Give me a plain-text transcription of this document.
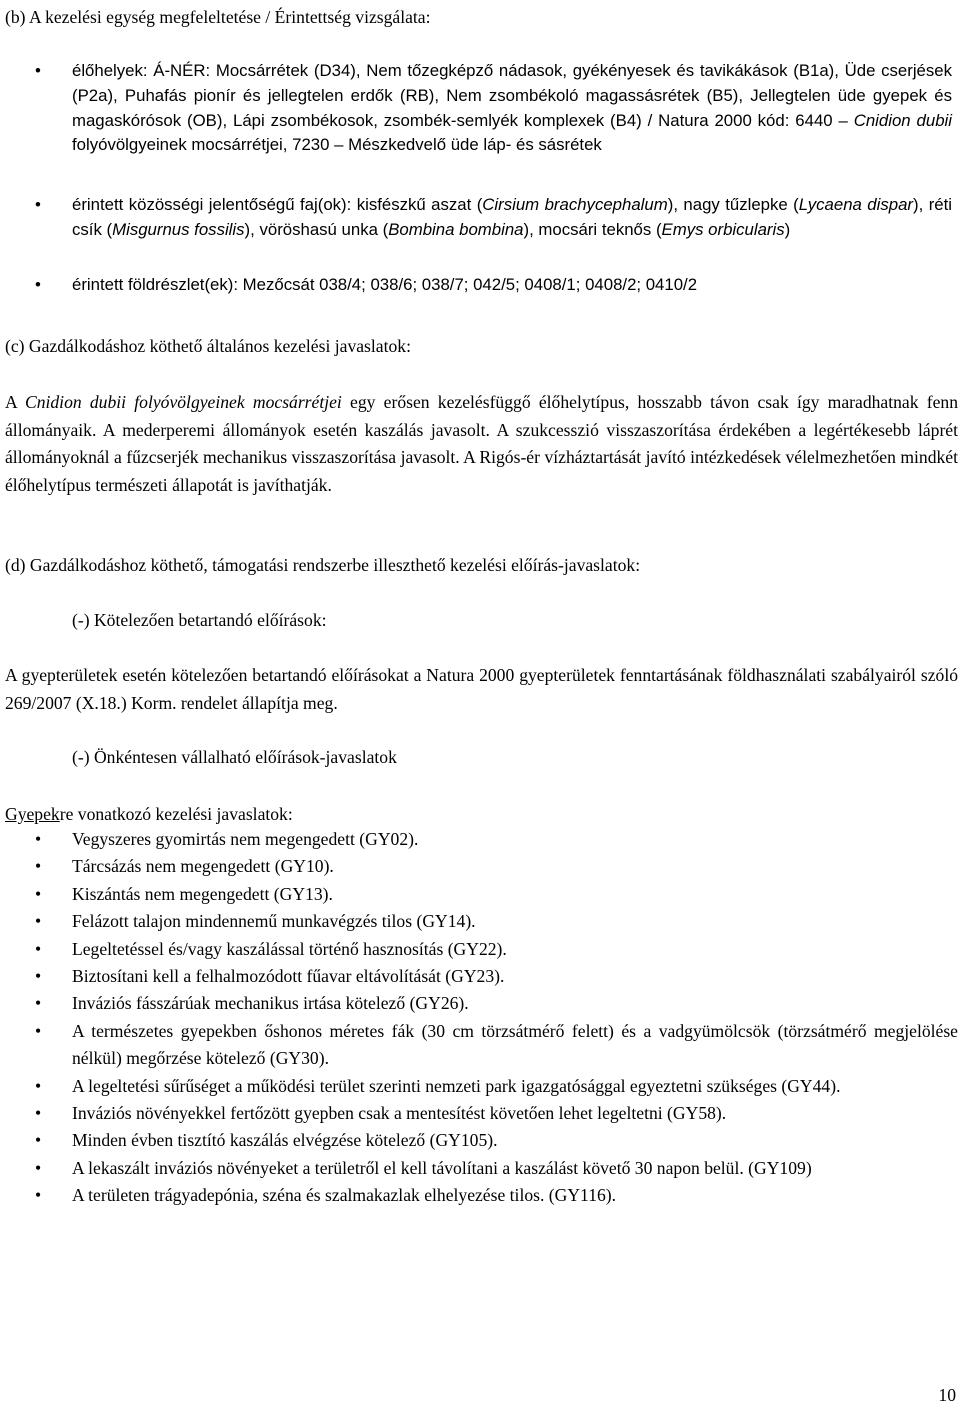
(b) A kezelési egység megfeleltetése / Érintettség vizsgálata:
• élőhelyek: Á-NÉR: Mocsárrétek (D34), Nem tőzegképző nádasok, gyékényesek és tavikákások (B1a), Üde cserjések (P2a), Puhafás pionír és jellegtelen erdők (RB), Nem zsombékoló magassásrétek (B5), Jellegtelen üde gyepek és magaskórósok (OB), Lápi zsombékosok, zsombék-semlyék komplexek (B4) / Natura 2000 kód: 6440 – Cnidion dubii folyóvölgyeinek mocsárrétjei, 7230 – Mészkedvelő üde láp- és sásrétek
• érintett közösségi jelentőségű faj(ok): kisfészkű aszat (Cirsium brachycephalum), nagy tűzlepke (Lycaena dispar), réti csík (Misgurnus fossilis), vöröshasú unka (Bombina bombina), mocsári teknős (Emys orbicularis)
• érintett földrészlet(ek): Mezőcsát 038/4; 038/6; 038/7; 042/5; 0408/1; 0408/2; 0410/2
(c) Gazdálkodáshoz köthető általános kezelési javaslatok:

A Cnidion dubii folyóvölgyeinek mocsárrétjei egy erősen kezelésfüggő élőhelytípus, hosszabb távon csak így maradhatnak fenn állományaik. A mederperemi állományok esetén kaszálás javasolt. A szukcesszió visszaszorítása érdekében a legértékesebb láprét állományoknál a fűzcserjék mechanikus visszaszorítása javasolt. A Rigós-ér vízháztartását javító intézkedések vélelmezhetően mindkét élőhelytípus természeti állapotát is javíthatják.

(d) Gazdálkodáshoz köthető, támogatási rendszerbe illeszthető kezelési előírás-javaslatok:
(-) Kötelezően betartandó előírások:

A gyepterületek esetén kötelezően betartandó előírásokat a Natura 2000 gyepterületek fenntartásának földhasználati szabályairól szóló 269/2007 (X.18.) Korm. rendelet állapítja meg.

(-) Önkéntesen vállalható előírások-javaslatok
Gyepekre vonatkozó kezelési javaslatok:
• Vegyszeres gyomirtás nem megengedett (GY02).
• Tárcsázás nem megengedett (GY10).
• Kiszántás nem megengedett (GY13).
• Felázott talajon mindennemű munkavégzés tilos (GY14).
• Legeltetéssel és/vagy kaszálással történő hasznosítás (GY22).
• Biztosítani kell a felhalmozódott fűavar eltávolítását (GY23).
• Inváziós fásszárúak mechanikus irtása kötelező (GY26).
• A természetes gyepekben őshonos méretes fák (30 cm törzsátmérő felett) és a vadgyümölcsök (törzsátmérő megjelölése nélkül) megőrzése kötelező (GY30).
• A legeltetési sűrűséget a működési terület szerinti nemzeti park igazgatósággal egyeztetni szükséges (GY44).
• Inváziós növényekkel fertőzött gyepben csak a mentesítést követően lehet legeltetni (GY58).
• Minden évben tisztító kaszálás elvégzése kötelező (GY105).
• A lekaszált inváziós növényeket a területről el kell távolítani a kaszálást követő 30 napon belül. (GY109)
• A területen trágyadepónia, széna és szalmakazlak elhelyezése tilos. (GY116).
10
